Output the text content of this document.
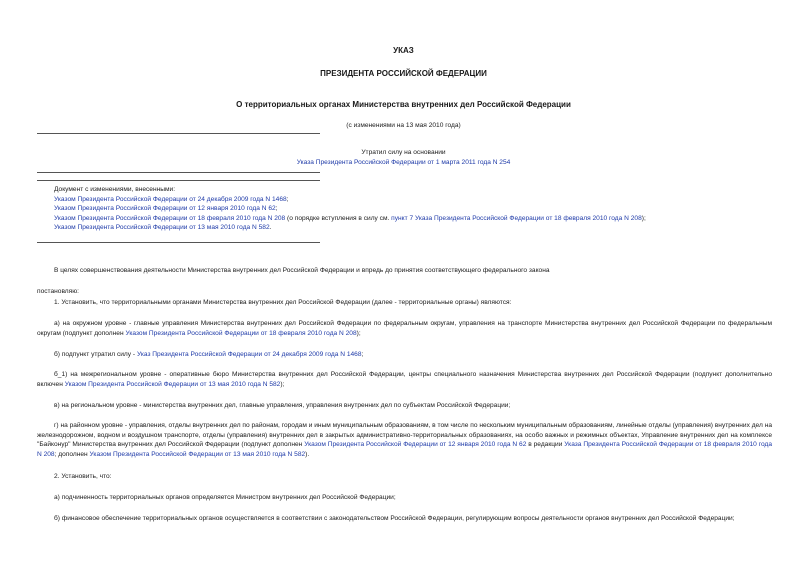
УКАЗ
ПРЕЗИДЕНТА РОССИЙСКОЙ ФЕДЕРАЦИИ
О территориальных органах Министерства внутренних дел Российской Федерации
(с изменениями на 13 мая 2010 года)
Утратил силу на основании
Указа Президента Российской Федерации от 1 марта 2011 года N 254
Документ с изменениями, внесенными:
Указом Президента Российской Федерации от 24 декабря 2009 года N 1468;
Указом Президента Российской Федерации от 12 января 2010 года N 62;
Указом Президента Российской Федерации от 18 февраля 2010 года N 208 (о порядке вступления в силу см. пункт 7 Указа Президента Российской Федерации от 18 февраля 2010 года N 208);
Указом Президента Российской Федерации от 13 мая 2010 года N 582.
В целях совершенствования деятельности Министерства внутренних дел Российской Федерации и впредь до принятия соответствующего федерального закона
постановляю:
1. Установить, что территориальными органами Министерства внутренних дел Российской Федерации (далее - территориальные органы) являются:
а) на окружном уровне - главные управления Министерства внутренних дел Российской Федерации по федеральным округам, управления на транспорте Министерства внутренних дел Российской Федерации по федеральным округам (подпункт дополнен Указом Президента Российской Федерации от 18 февраля 2010 года N 208);
б) подпункт утратил силу - Указ Президента Российской Федерации от 24 декабря 2009 года N 1468;
б_1) на межрегиональном уровне - оперативные бюро Министерства внутренних дел Российской Федерации, центры специального назначения Министерства внутренних дел Российской Федерации (подпункт дополнительно включен Указом Президента Российской Федерации от 13 мая 2010 года N 582);
в) на региональном уровне - министерства внутренних дел, главные управления, управления внутренних дел по субъектам Российской Федерации;
г) на районном уровне - управления, отделы внутренних дел по районам, городам и иным муниципальным образованиям, в том числе по нескольким муниципальным образованиям, линейные отделы (управления) внутренних дел на железнодорожном, водном и воздушном транспорте, отделы (управления) внутренних дел в закрытых административно-территориальных образованиях, на особо важных и режимных объектах, Управление внутренних дел на комплексе "Байконур" Министерства внутренних дел Российской Федерации (подпункт дополнен Указом Президента Российской Федерации от 12 января 2010 года N 62 в редакции Указа Президента Российской Федерации от 18 февраля 2010 года N 208; дополнен Указом Президента Российской Федерации от 13 мая 2010 года N 582).
2. Установить, что:
а) подчиненность территориальных органов определяется Министром внутренних дел Российской Федерации;
б) финансовое обеспечение территориальных органов осуществляется в соответствии с законодательством Российской Федерации, регулирующим вопросы деятельности органов внутренних дел Российской Федерации;
